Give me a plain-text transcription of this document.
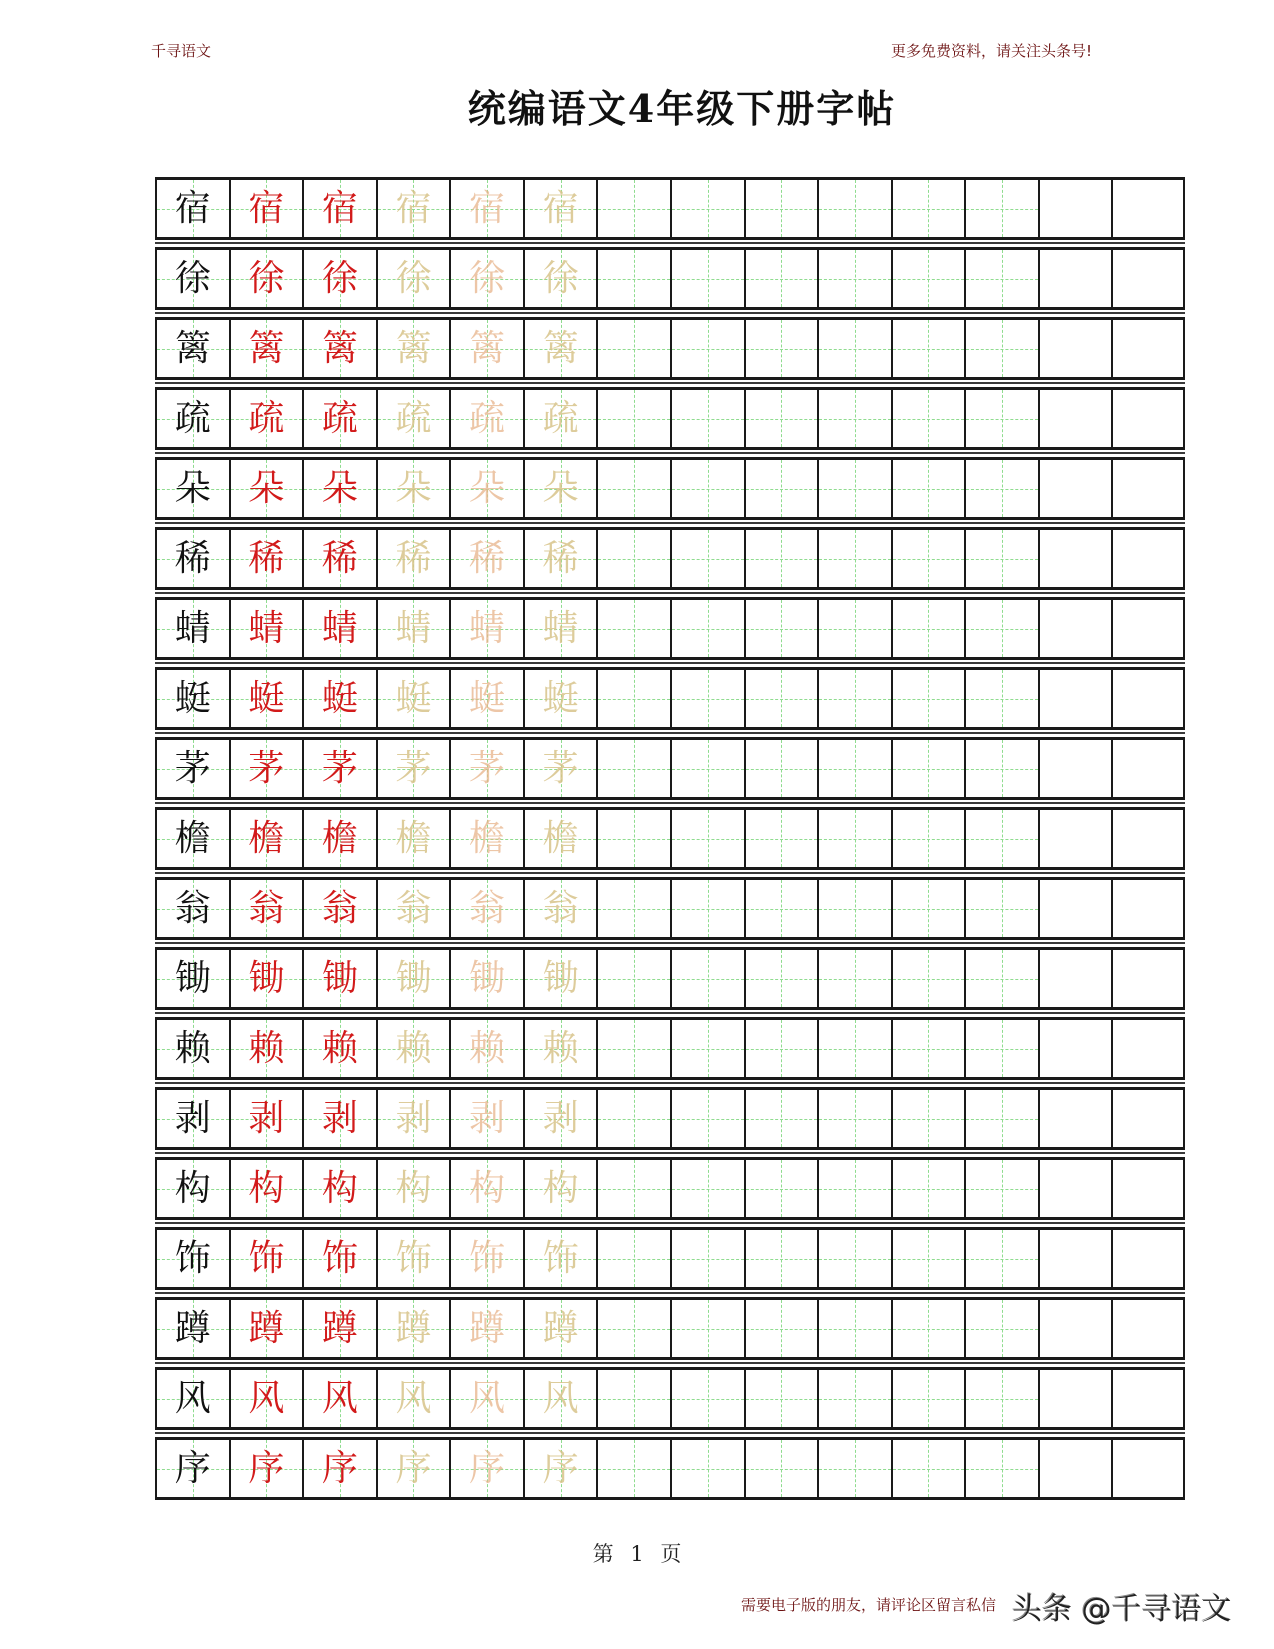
千寻语文	更多免费资料，请关注头条号!
统编语文4年级下册字帖
宿 宿 宿 宿 宿 宿
徐 徐 徐 徐 徐 徐
篱 篱 篱 篱 篱 篱
疏 疏 疏 疏 疏 疏
朵 朵 朵 朵 朵 朵
稀 稀 稀 稀 稀 稀
蜻 蜻 蜻 蜻 蜻 蜻
蜓 蜓 蜓 蜓 蜓 蜓
茅 茅 茅 茅 茅 茅
檐 檐 檐 檐 檐 檐
翁 翁 翁 翁 翁 翁
锄 锄 锄 锄 锄 锄
赖 赖 赖 赖 赖 赖
剥 剥 剥 剥 剥 剥
构 构 构 构 构 构
饰 饰 饰 饰 饰 饰
蹲 蹲 蹲 蹲 蹲 蹲
风 风 风 风 风 风
序 序 序 序 序 序
第 1 页
需要电子版的朋友，请评论区留言私信 头条 @千寻语文
